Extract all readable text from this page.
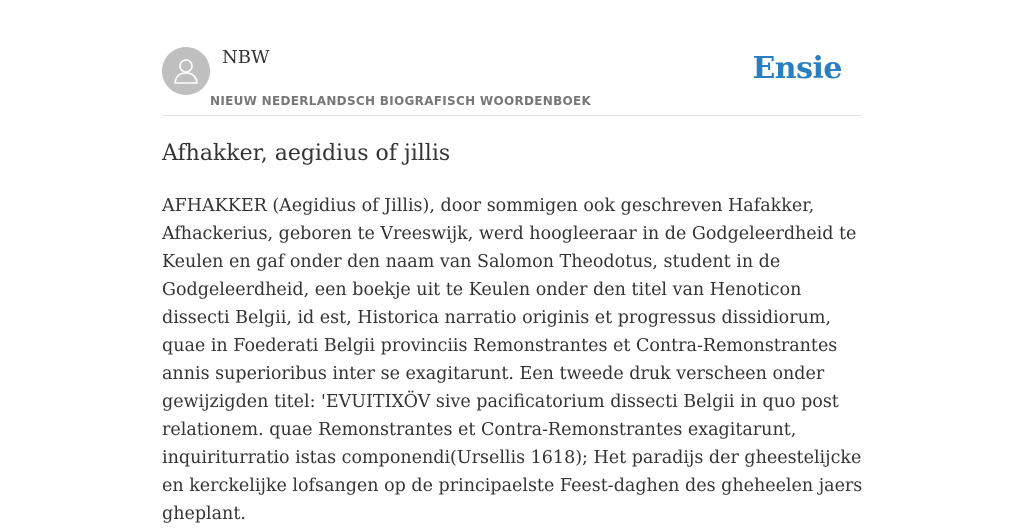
NBW	Ensie
NIEUW NEDERLANDSCH BIOGRAFISCH WOORDENBOEK
Afhakker, aegidius of jillis

AFHAKKER (Aegidius of Jillis), door sommigen ook geschreven Hafakker, Afhackerius, geboren te Vreeswijk, werd hoogleeraar in de Godgeleerdheid te Keulen en gaf onder den naam van Salomon Theodotus, student in de Godgeleerdheid, een boekje uit te Keulen onder den titel van Henoticon dissecti Belgii, id est, Historica narratio originis et progressus dissidiorum, quae in Foederati Belgii provinciis Remonstrantes et Contra-Remonstrantes annis superioribus inter se exagitarunt. Een tweede druk verscheen onder gewijzigden titel: 'EVUITIXÖV sive pacificatorium dissecti Belgii in quo post relationem. quae Remonstrantes et Contra-Remonstrantes exagitarunt, inquiriturratio istas componendi(Ursellis 1618); Het paradijs der gheestelijcke en kerckelijke lofsangen op de principaelste Feest-daghen des gheheelen jaers gheplant.
